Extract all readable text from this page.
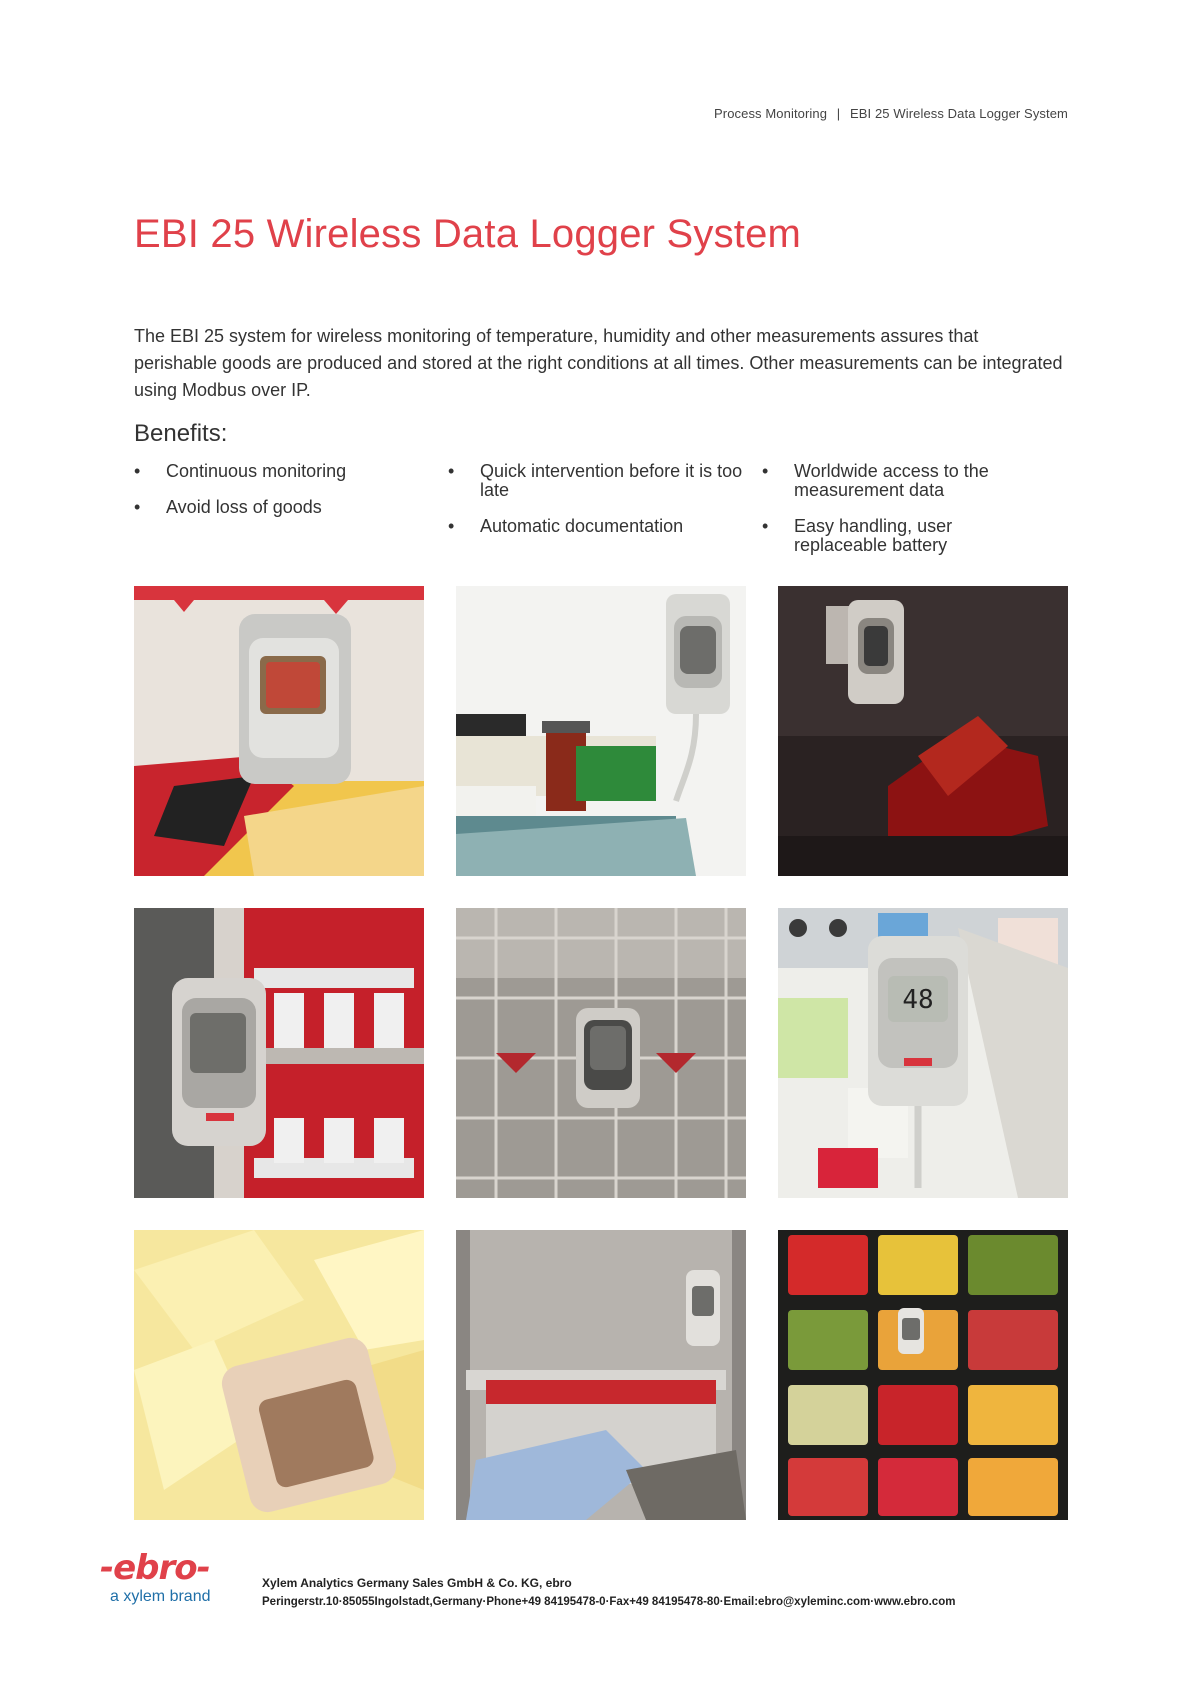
Process Monitoring | EBI 25 Wireless Data Logger System
EBI 25 Wireless Data Logger System

The EBI 25 system for wireless monitoring of temperature, humidity and other measurements assures that perishable goods are produced and stored at the right conditions at all times. Other measurements can be integrated using Modbus over IP.

Benefits:
• Continuous monitoring
• Avoid loss of goods
• Quick intervention before it is too late
• Automatic documentation
• Worldwide access to the measurement data
• Easy handling, user replaceable battery
48
-ebro-
a xylem brand
Xylem Analytics Germany Sales GmbH & Co. KG, ebro
Peringerstr.10·85055Ingolstadt,Germany·Phone+49 84195478-0·Fax+49 84195478-80·Email:ebro@xyleminc.com·www.ebro.com
